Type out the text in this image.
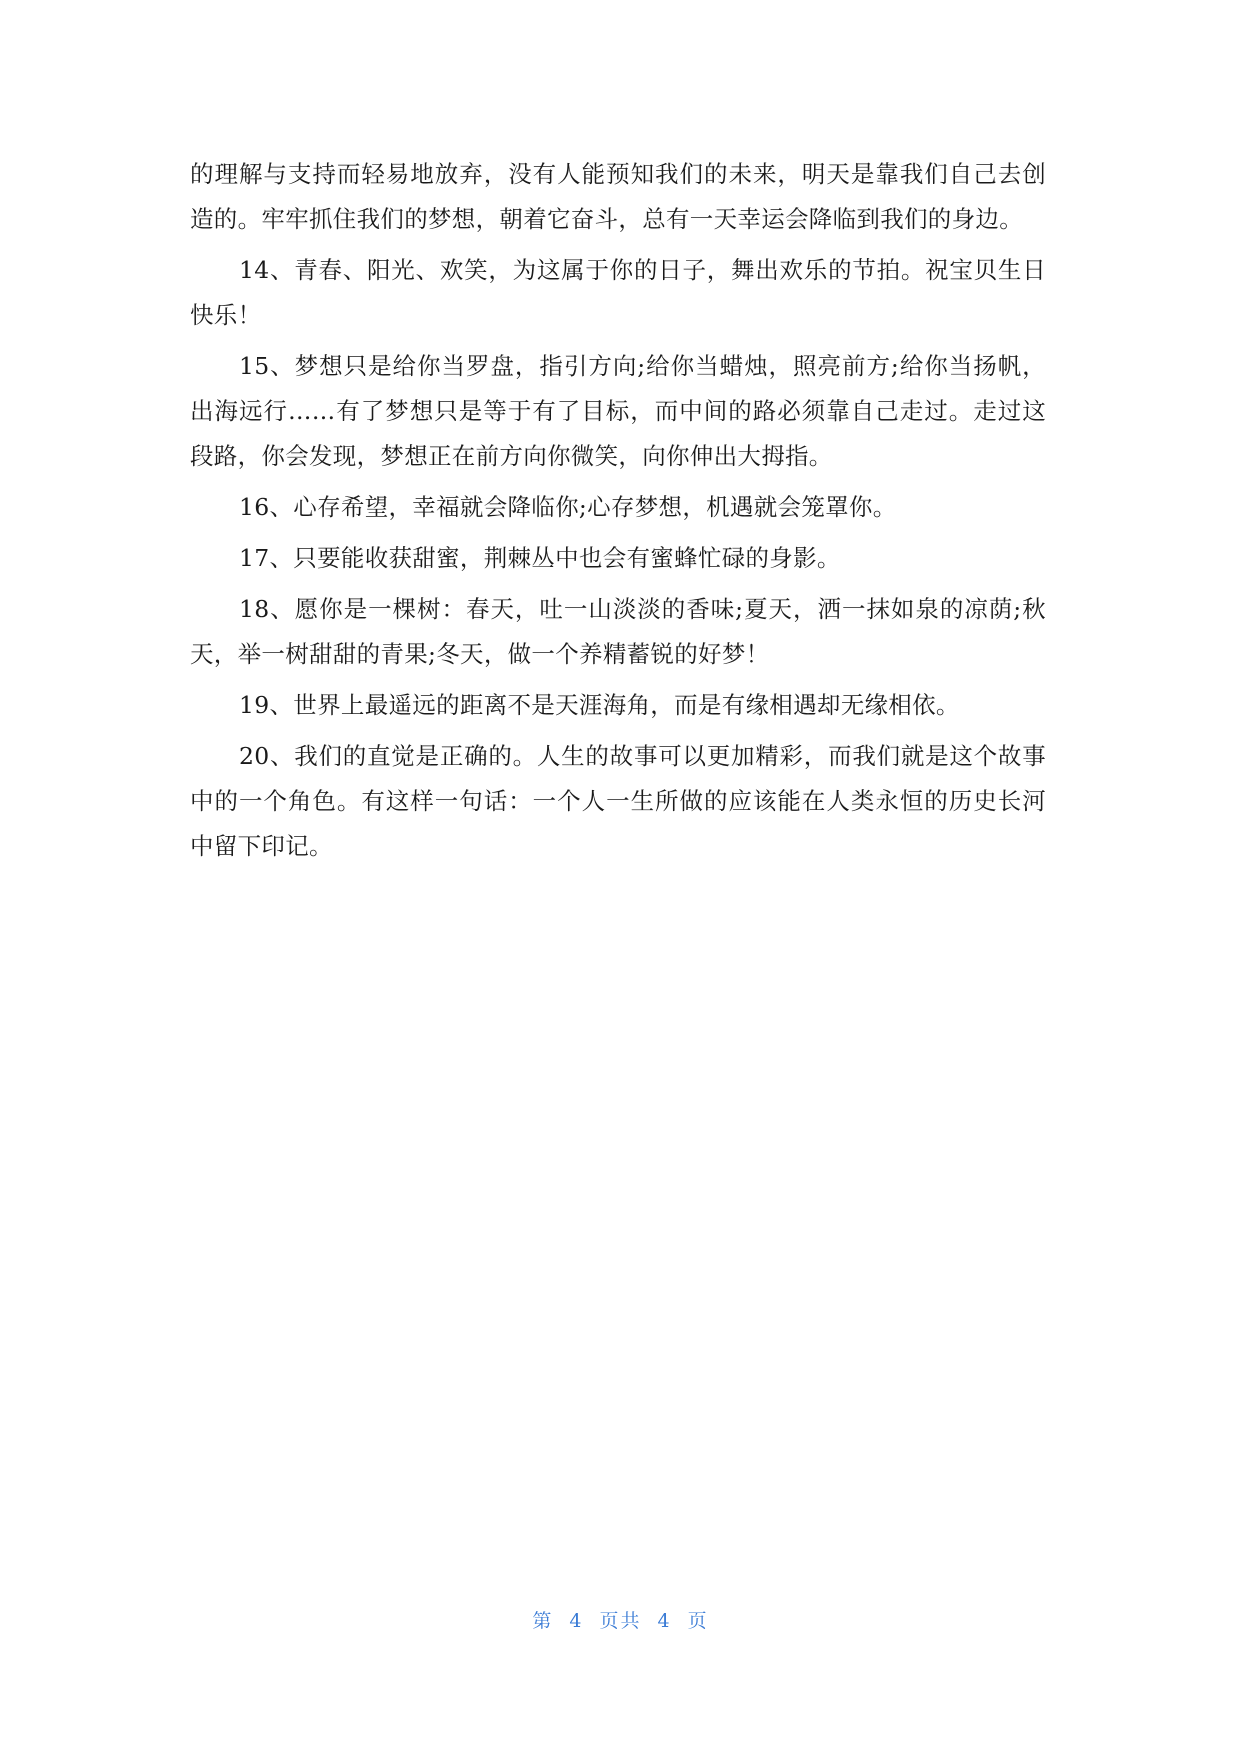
的理解与支持而轻易地放弃，没有人能预知我们的未来，明天是靠我们自己去创造的。牢牢抓住我们的梦想，朝着它奋斗，总有一天幸运会降临到我们的身边。

14、青春、阳光、欢笑，为这属于你的日子，舞出欢乐的节拍。祝宝贝生日快乐！

15、梦想只是给你当罗盘，指引方向;给你当蜡烛，照亮前方;给你当扬帆，出海远行……有了梦想只是等于有了目标，而中间的路必须靠自己走过。走过这段路，你会发现，梦想正在前方向你微笑，向你伸出大拇指。

16、心存希望，幸福就会降临你;心存梦想，机遇就会笼罩你。

17、只要能收获甜蜜，荆棘丛中也会有蜜蜂忙碌的身影。

18、愿你是一棵树：春天，吐一山淡淡的香味;夏天，洒一抹如泉的凉荫;秋天，举一树甜甜的青果;冬天，做一个养精蓄锐的好梦！

19、世界上最遥远的距离不是天涯海角，而是有缘相遇却无缘相依。

20、我们的直觉是正确的。人生的故事可以更加精彩，而我们就是这个故事中的一个角色。有这样一句话：一个人一生所做的应该能在人类永恒的历史长河中留下印记。

第 4 页共 4 页
